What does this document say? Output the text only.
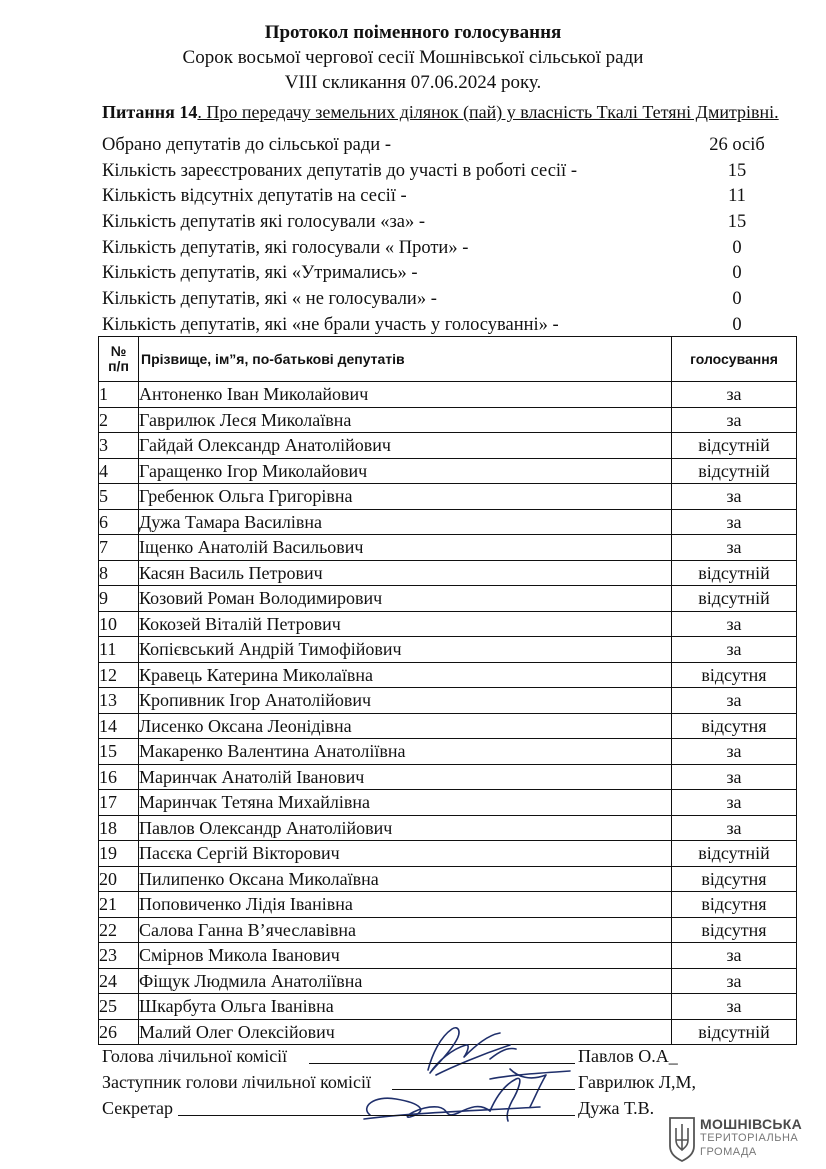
Протокол поіменного голосування
Сорок восьмої чергової сесії Мошнівської сільської ради
VIII скликання 07.06.2024 року.
Питання 14. Про передачу земельних ділянок (пай) у власність Ткалі Тетяні Дмитрівні.
Обрано депутатів до сільської ради -	26 осіб
Кількість зареєстрованих депутатів до участі в роботі сесії -	15
Кількість відсутніх депутатів на сесії -	11
Кількість депутатів які голосували «за» -	15
Кількість депутатів, які голосували « Проти» -	0
Кількість депутатів, які «Утримались» -	0
Кількість депутатів, які « не голосували» -	0
Кількість депутатів, які «не брали участь у голосуванні» -	0
№
п/п	Прізвище, ім”я, по-батькові депутатів	голосування
1	Антоненко Іван Миколайович	за
2	Гаврилюк Леся Миколаївна	за
3	Гайдай Олександр Анатолійович	відсутній
4	Гаращенко Ігор Миколайович	відсутній
5	Гребенюк Ольга Григорівна	за
6	Дужа Тамара Василівна	за
7	Іщенко Анатолій Васильович	за
8	Касян Василь Петрович	відсутній
9	Козовий Роман Володимирович	відсутній
10	Кокозей Віталій Петрович	за
11	Копієвський Андрій Тимофійович	за
12	Кравець Катерина Миколаївна	відсутня
13	Кропивник Ігор Анатолійович	за
14	Лисенко Оксана Леонідівна	відсутня
15	Макаренко Валентина Анатоліївна	за
16	Маринчак Анатолій Іванович	за
17	Маринчак Тетяна Михайлівна	за
18	Павлов Олександр Анатолійович	за
19	Пасєка Сергій Вікторович	відсутній
20	Пилипенко Оксана Миколаївна	відсутня
21	Поповиченко Лідія Іванівна	відсутня
22	Салова Ганна В’ячеславівна	відсутня
23	Смірнов Микола Іванович	за
24	Фіщук Людмила Анатоліївна	за
25	Шкарбута Ольга Іванівна	за
26	Малий Олег Олексійович	відсутній
Голова лічильної комісії	Павлов О.А_
Заступник голови лічильної комісії	Гаврилюк Л,М,
Секретар	Дужа Т.В.
МОШНІВСЬКА
ТЕРИТОРІАЛЬНА
ГРОМАДА
